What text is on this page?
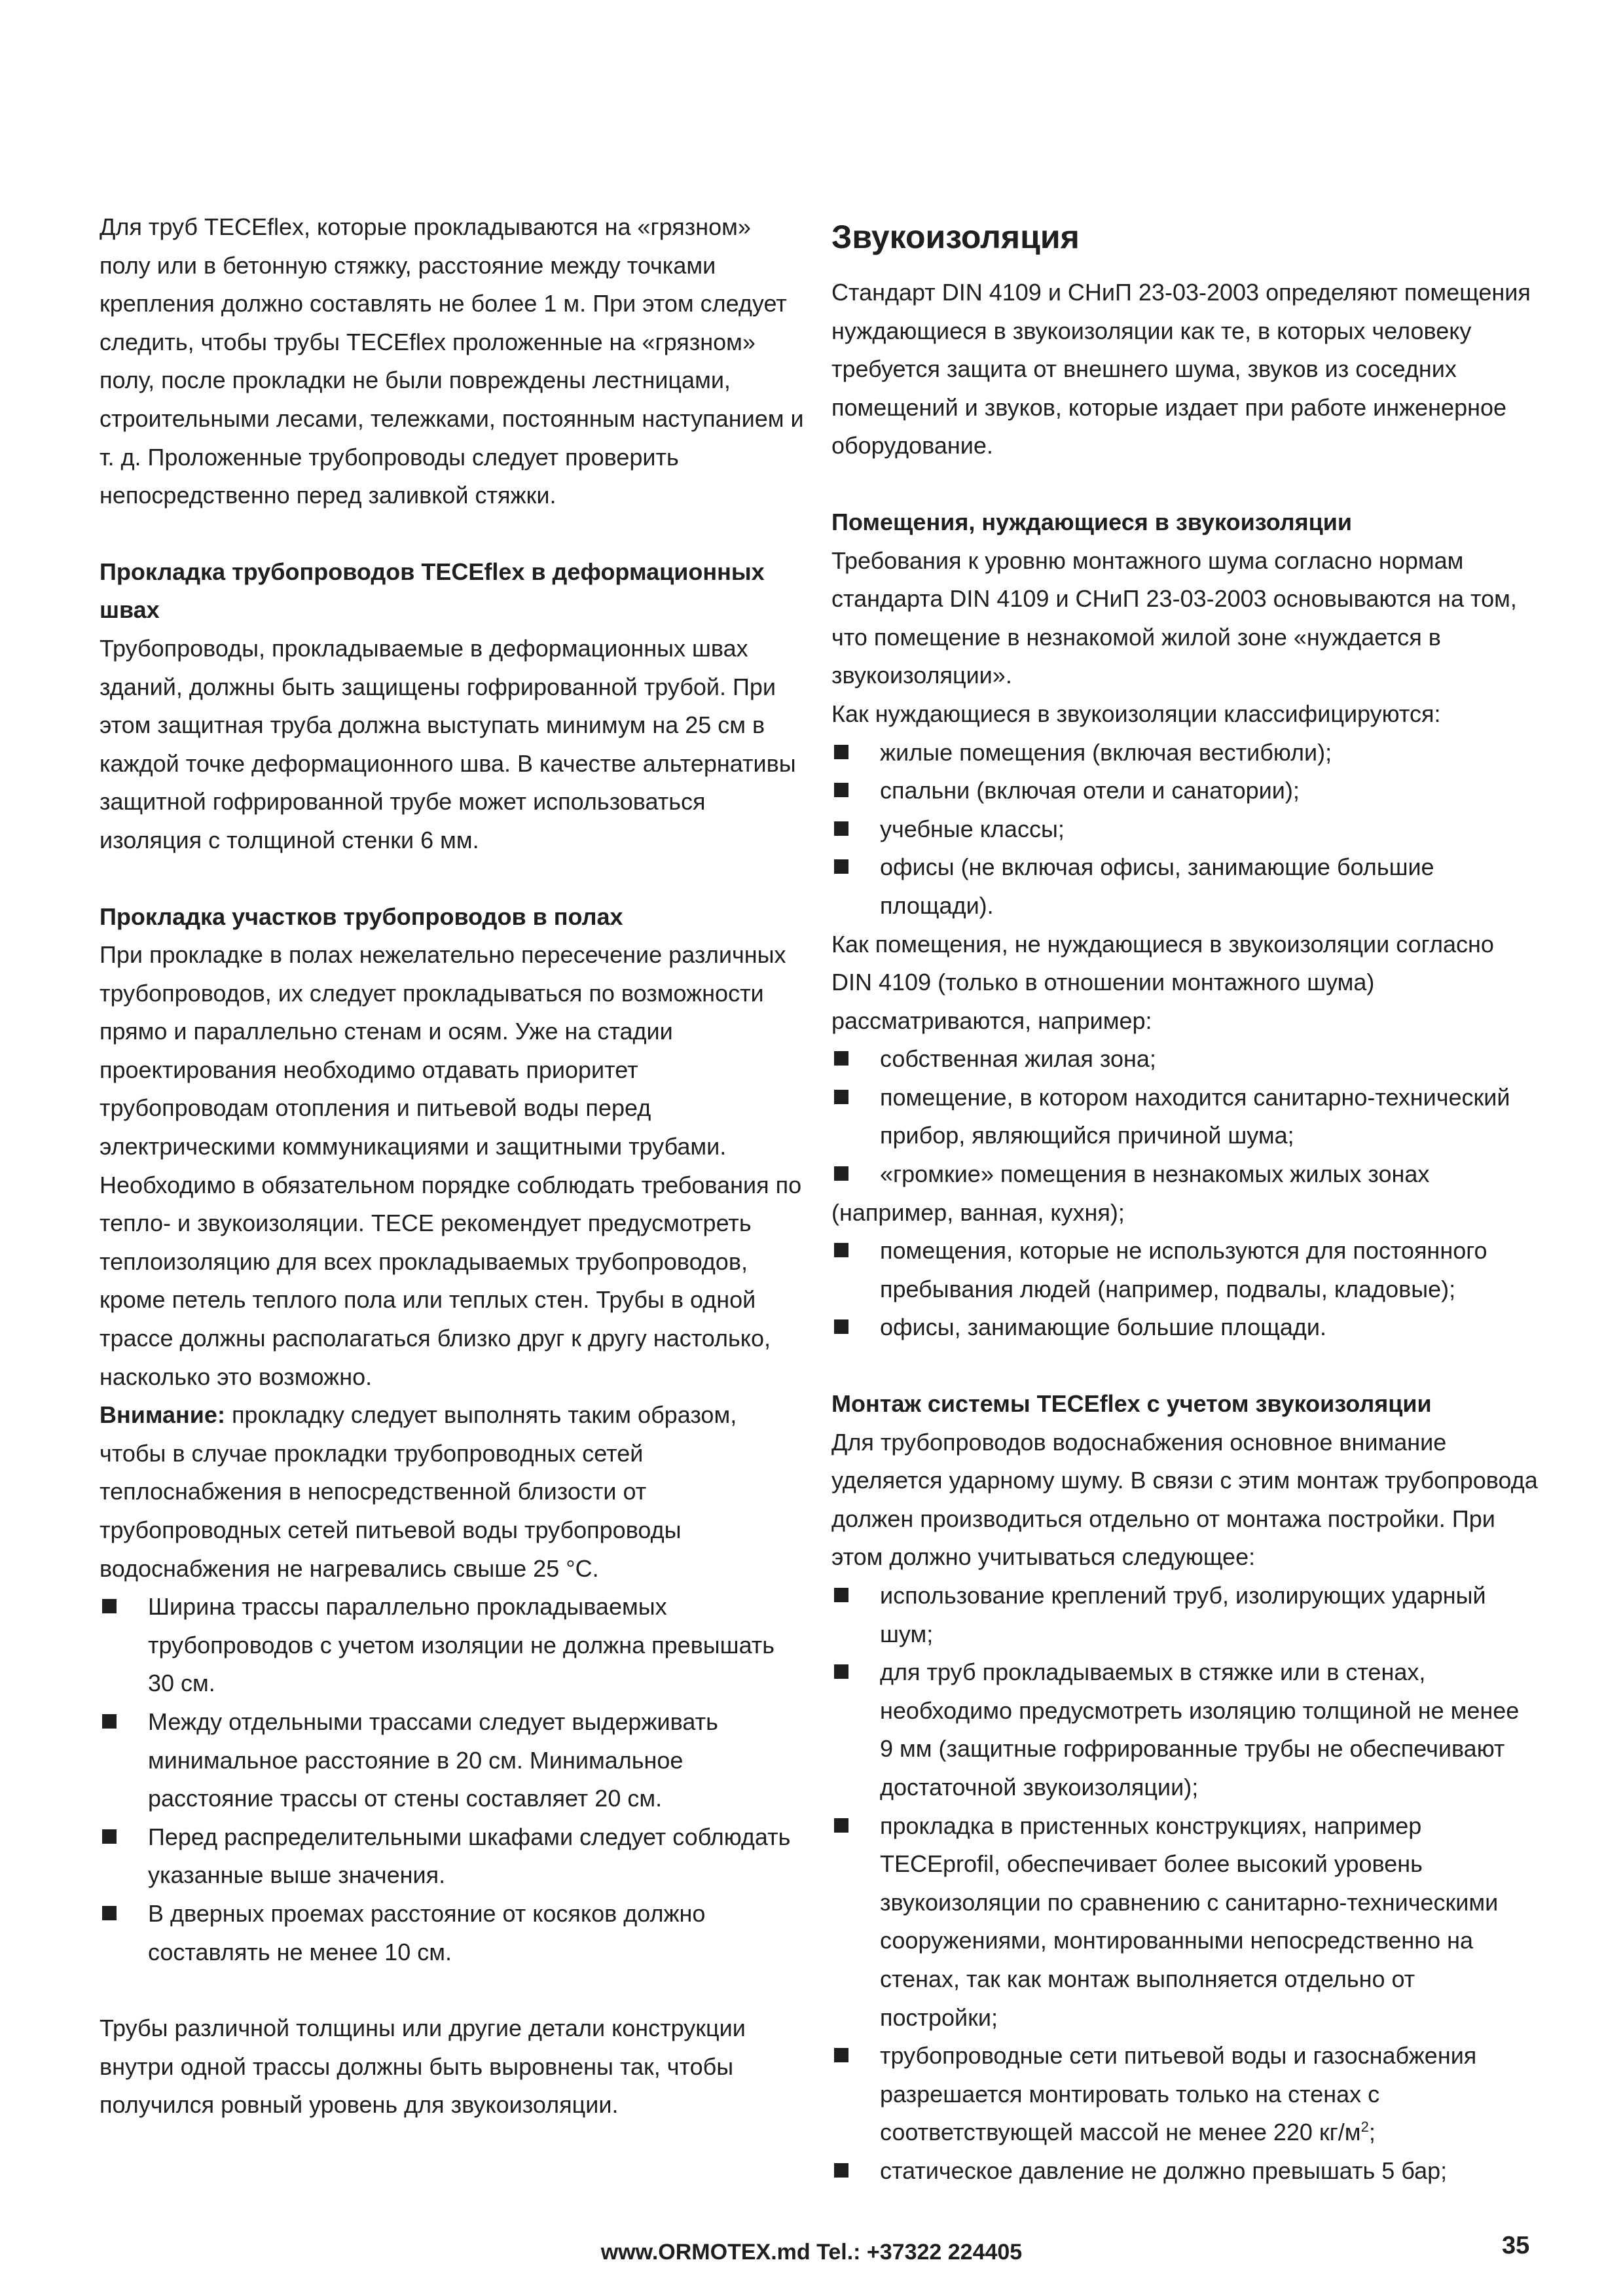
Для труб TECEflex, которые прокладываются на «грязном» полу или в бетонную стяжку, расстояние между точками крепления должно составлять не более 1 м. При этом следует следить, чтобы трубы TECEflex проложенные на «грязном» полу, после прокладки не были повреждены лестницами, строительными лесами, тележками, постоянным наступанием и т. д. Проложенные трубопроводы следует проверить непосредственно перед заливкой стяжки.

Прокладка трубопроводов TECEflex в деформационных швах

Трубопроводы, прокладываемые в деформационных швах зданий, должны быть защищены гофрированной трубой. При этом защитная труба должна выступать минимум на 25 см в каждой точке деформационного шва. В качестве альтернативы защитной гофрированной трубе может использоваться изоляция с толщиной стенки 6 мм.

Прокладка участков трубопроводов в полах

При прокладке в полах нежелательно пересечение различных трубопроводов, их следует прокладываться по возможности прямо и параллельно стенам и осям. Уже на стадии проектирования необходимо отдавать приоритет трубопроводам отопления и питьевой воды перед электрическими коммуникациями и защитными трубами. Необходимо в обязательном порядке соблюдать требования по тепло- и звукоизоляции. ТЕСЕ рекомендует предусмотреть теплоизоляцию для всех прокладываемых трубопроводов, кроме петель теплого пола или теплых стен. Трубы в одной трассе должны располагаться близко друг к другу настолько, насколько это возможно.

Внимание: прокладку следует выполнять таким образом, чтобы в случае прокладки трубопроводных сетей теплоснабжения в непосредственной близости от трубопроводных сетей питьевой воды трубопроводы водоснабжения не нагревались свыше 25 °С.

Ширина трассы параллельно прокладываемых трубопроводов с учетом изоляции не должна превышать 30 см.
Между отдельными трассами следует выдерживать минимальное расстояние в 20 см. Минимальное расстояние трассы от стены составляет 20 см.
Перед распределительными шкафами следует соблюдать указанные выше значения.
В дверных проемах расстояние от косяков должно составлять не менее 10 см.

Трубы различной толщины или другие детали конструкции внутри одной трассы должны быть выровнены так, чтобы получился ровный уровень для звукоизоляции.

Звукоизоляция

Стандарт DIN 4109 и СНиП 23-03-2003 определяют помещения нуждающиеся в звукоизоляции как те, в которых человеку требуется защита от внешнего шума, звуков из соседних помещений и звуков, которые издает при работе инженерное оборудование.

Помещения, нуждающиеся в звукоизоляции

Требования к уровню монтажного шума согласно нормам стандарта DIN 4109 и СНиП 23-03-2003 основываются на том, что помещение в незнакомой жилой зоне «нуждается в звукоизоляции».

Как нуждающиеся в звукоизоляции классифицируются:

жилые помещения (включая вестибюли);
спальни (включая отели и санатории);
учебные классы;
офисы (не включая офисы, занимающие большие площади).

Как помещения, не нуждающиеся в звукоизоляции согласно DIN 4109 (только в отношении монтажного шума) рассматриваются, например:

собственная жилая зона;
помещение, в котором находится санитарно-технический прибор, являющийся причиной шума;
«громкие» помещения в незнакомых жилых зонах

(например, ванная, кухня);

помещения, которые не используются для постоянного пребывания людей (например, подвалы, кладовые);
офисы, занимающие большие площади.
Монтаж системы TECEflex с учетом звукоизоляции

Для трубопроводов водоснабжения основное внимание уделяется ударному шуму. В связи с этим монтаж трубопровода должен производиться отдельно от монтажа постройки. При этом должно учитываться следующее:

использование креплений труб, изолирующих ударный шум;
для труб прокладываемых в стяжке или в стенах, необходимо предусмотреть изоляцию толщиной не менее 9 мм (защитные гофрированные трубы не обеспечивают достаточной звукоизоляции);
прокладка в пристенных конструкциях, например TECEprofil, обеспечивает более высокий уровень звукоизоляции по сравнению с санитарно-техническими сооружениями, монтированными непосредственно на стенах, так как монтаж выполняется отдельно от постройки;
трубопроводные сети питьевой воды и газоснабжения разрешается монтировать только на стенах с соответствующей массой не менее 220 $кг/м^2$;
статическое давление не должно превышать 5 бар;
www.ORMOTEX.md Tel.: +37322 224405	35
